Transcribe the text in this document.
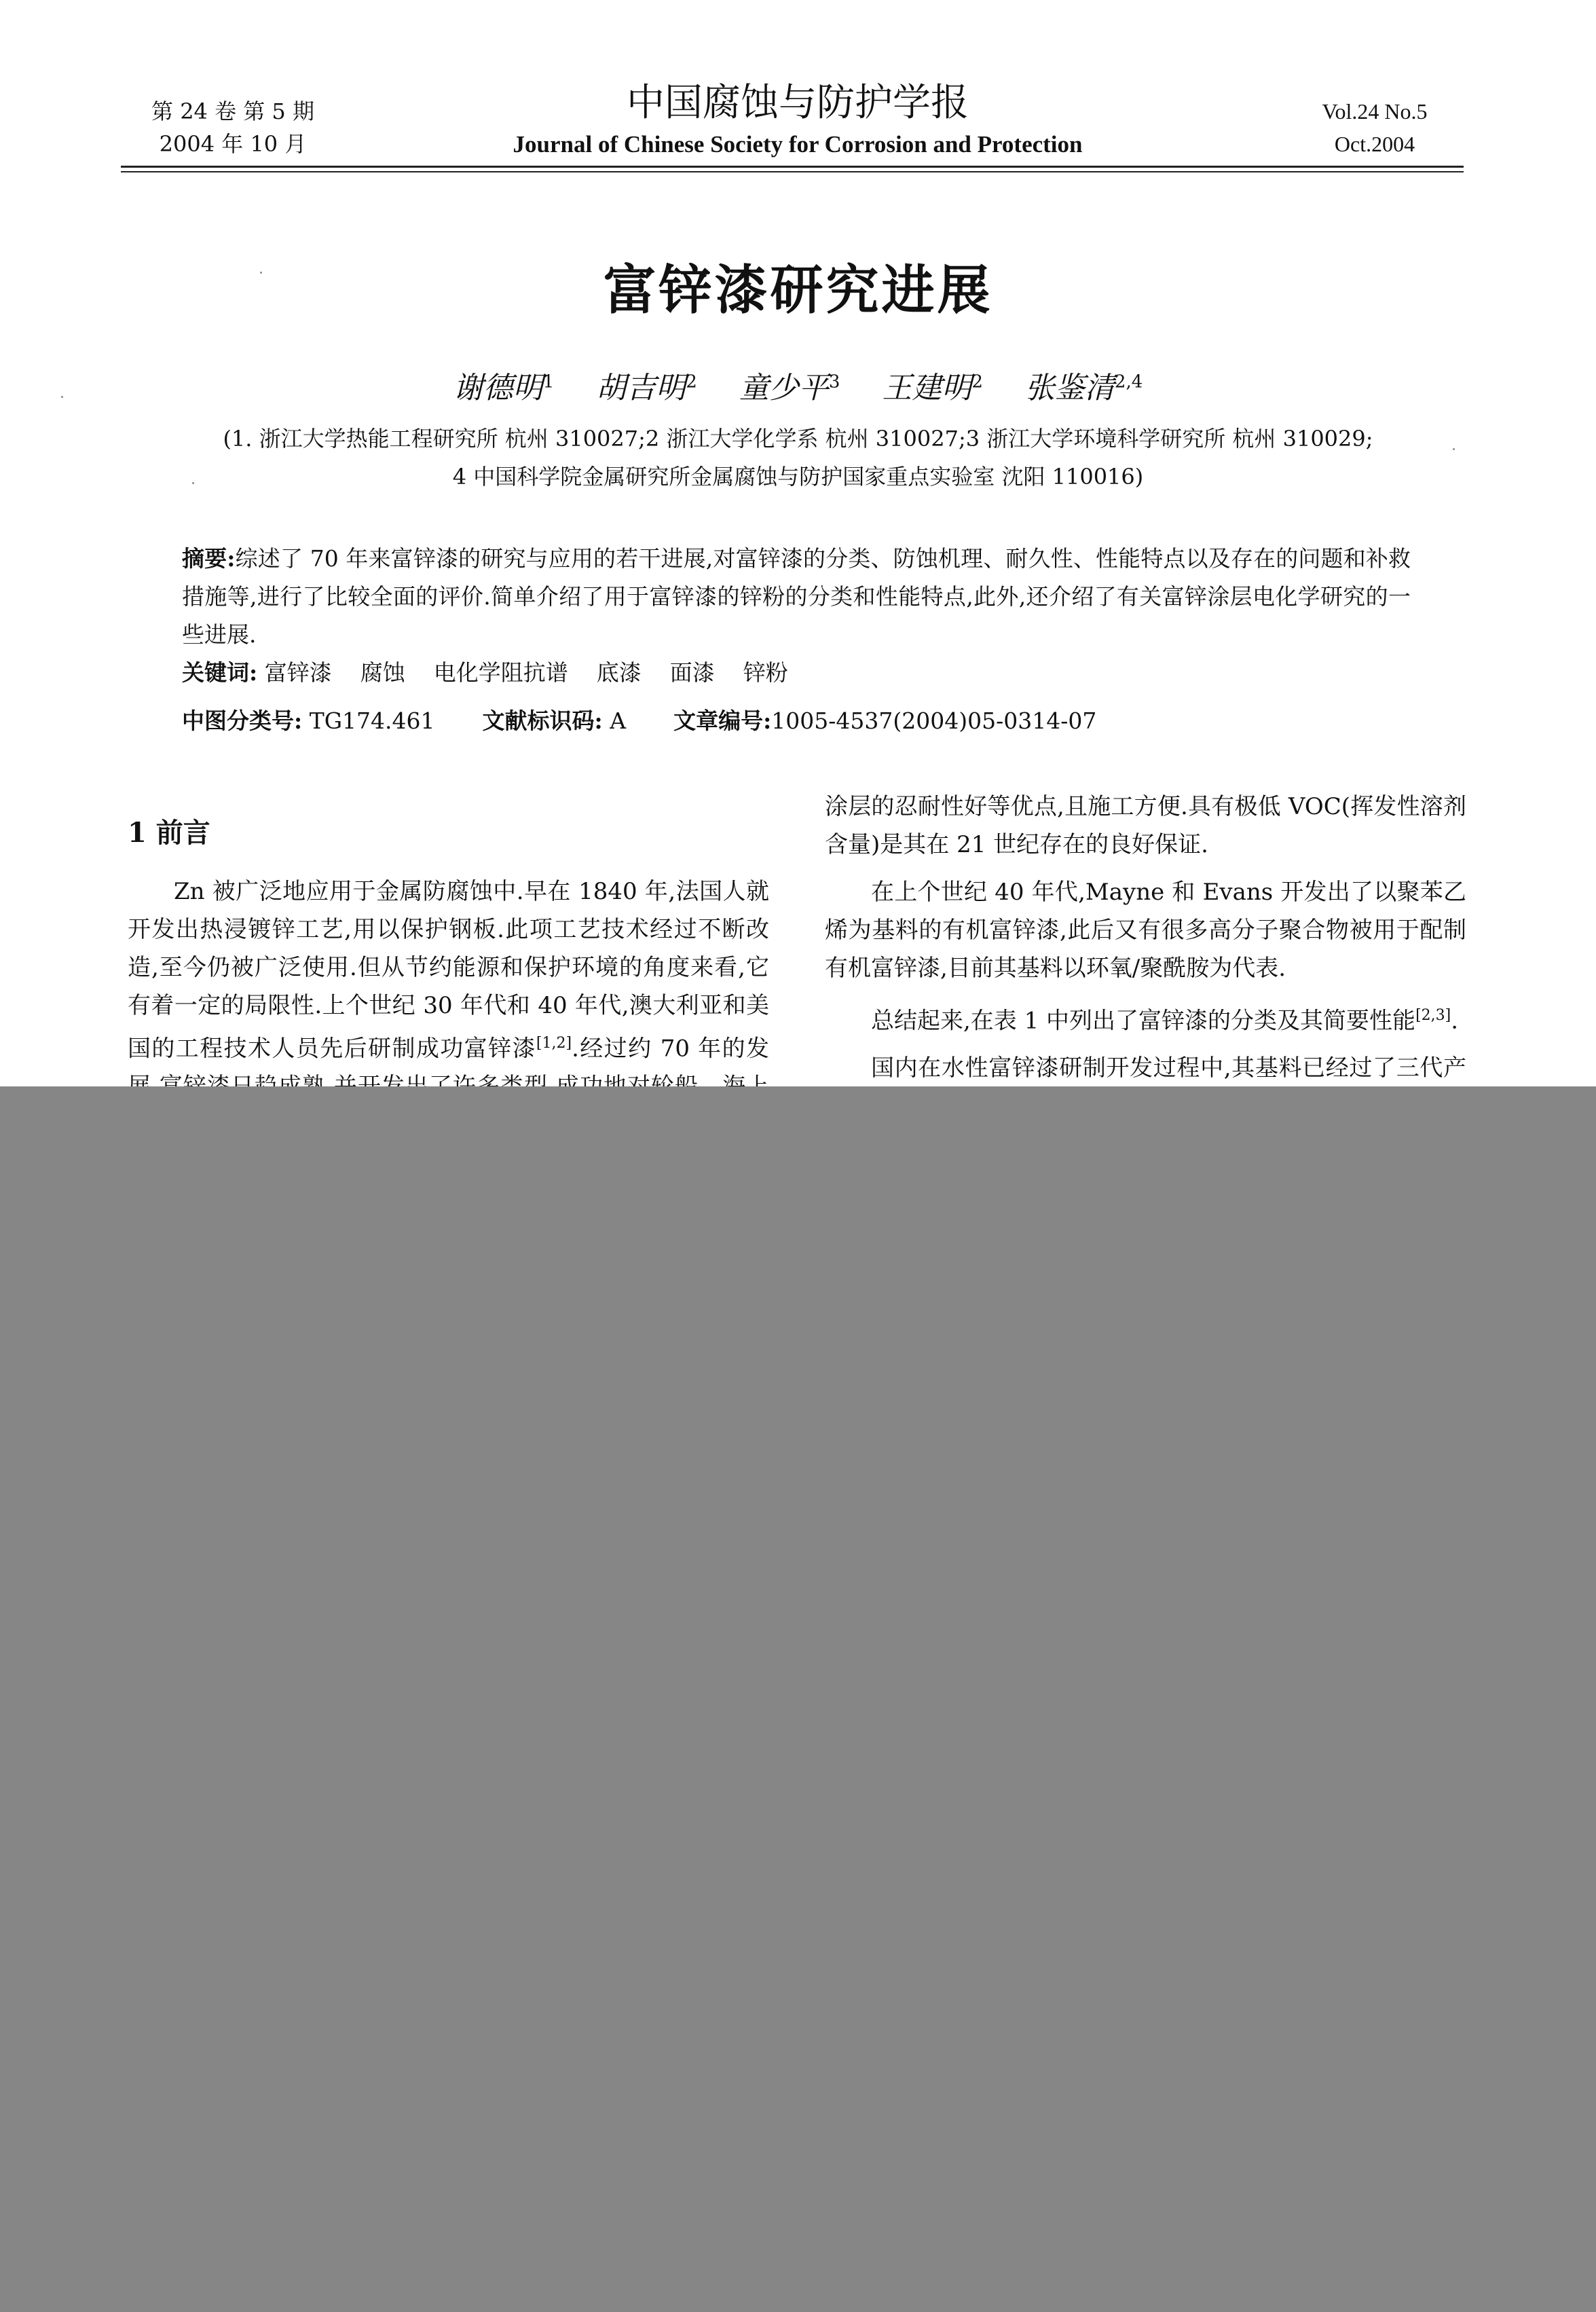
第 24 卷 第 5 期
2004 年 10 月
中国腐蚀与防护学报
Journal of Chinese Society for Corrosion and Protection
Vol.24 No.5
Oct.2004
富锌漆研究进展
谢德明$^1$ 胡吉明$^2$ 童少平$^3$ 王建明$^2$ 张鉴清$^{2,4}$
(1. 浙江大学热能工程研究所 杭州 310027;2 浙江大学化学系 杭州 310027;3 浙江大学环境科学研究所 杭州 310029;
4 中国科学院金属研究所金属腐蚀与防护国家重点实验室 沈阳 110016)
摘要:综述了 70 年来富锌漆的研究与应用的若干进展,对富锌漆的分类、防蚀机理、耐久性、性能特点以及存在的问题和补救措施等,进行了比较全面的评价.简单介绍了用于富锌漆的锌粉的分类和性能特点,此外,还介绍了有关富锌涂层电化学研究的一些进展.
关键词: 富锌漆 腐蚀 电化学阻抗谱 底漆 面漆 锌粉
中图分类号: TG174.461 文献标识码: A 文章编号:1005-4537(2004)05-0314-07
1 前言

Zn 被广泛地应用于金属防腐蚀中.早在 1840 年,法国人就开发出热浸镀锌工艺,用以保护钢板.此项工艺技术经过不断改造,至今仍被广泛使用.但从节约能源和保护环境的角度来看,它有着一定的局限性.上个世纪 30 年代和 40 年代,澳大利亚和美国的工程技术人员先后研制成功富锌漆[1,2].经过约 70 年的发

涂层的忍耐性好等优点,且施工方便.具有极低 VOC(挥发性溶剂含量)是其在 21 世纪存在的良好保证.

在上个世纪 40 年代,Mayne 和 Evans 开发出了以聚苯乙烯为基料的有机富锌漆,此后又有很多高分子聚合物被用于配制有机富锌漆,目前其基料以环氧/聚酰胺为代表.

总结起来,在表 1 中列出了富锌漆的分类及其简要性能[2,3].

国内在水性富锌漆研制开发过程中,其基料已经过了三代产
